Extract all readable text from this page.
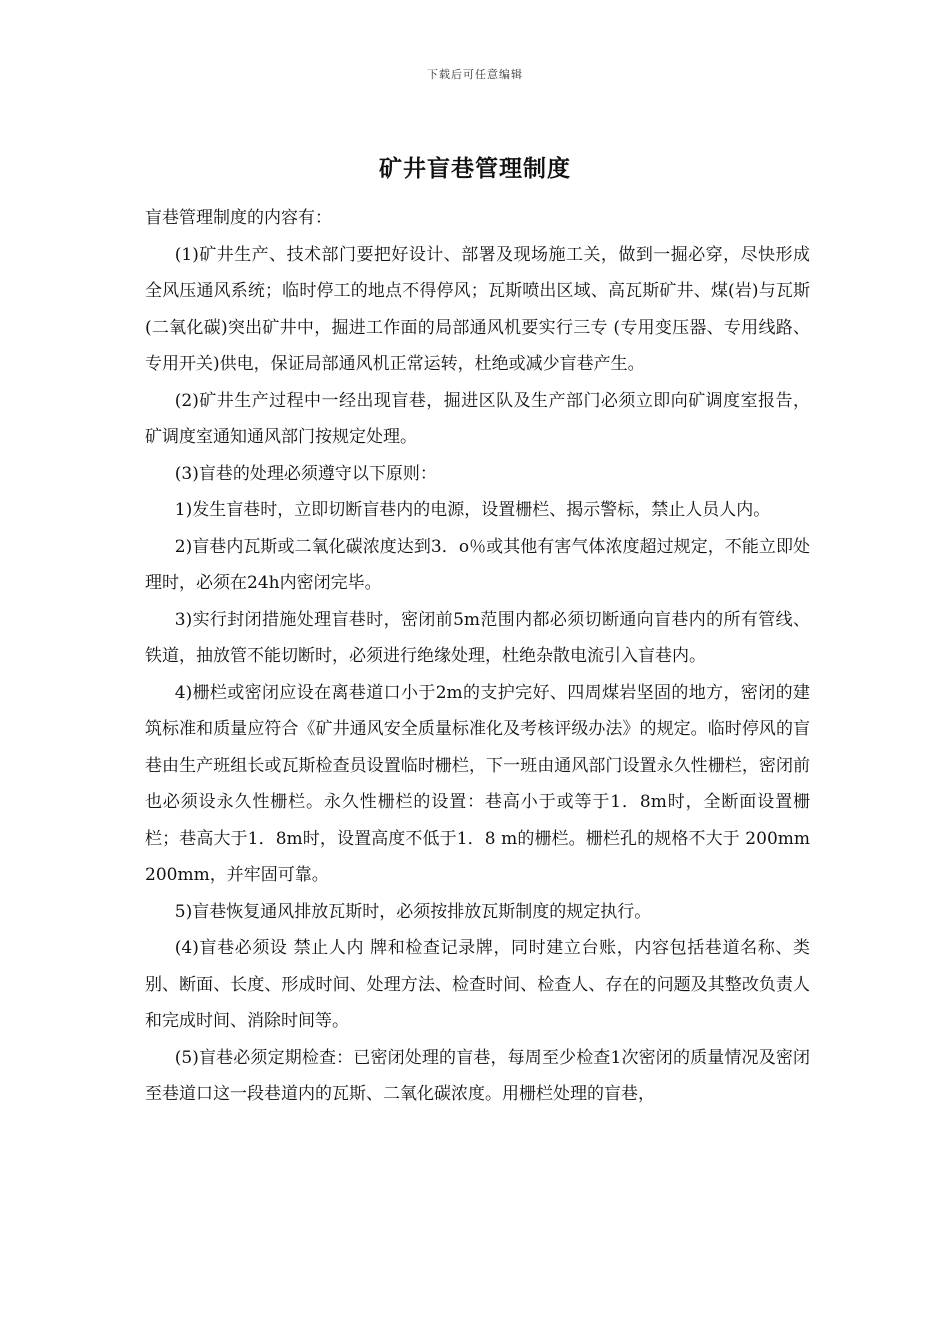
下载后可任意编辑
矿井盲巷管理制度

盲巷管理制度的内容有：

(1)矿井生产、技术部门要把好设计、部署及现场施工关，做到一掘必穿，尽快形成全风压通风系统；临时停工的地点不得停风；瓦斯喷出区域、高瓦斯矿井、煤(岩)与瓦斯(二氧化碳)突出矿井中，掘进工作面的局部通风机要实行三专 (专用变压器、专用线路、专用开关)供电，保证局部通风机正常运转，杜绝或减少盲巷产生。

(2)矿井生产过程中一经出现盲巷，掘进区队及生产部门必须立即向矿调度室报告，矿调度室通知通风部门按规定处理。

(3)盲巷的处理必须遵守以下原则：

1)发生盲巷时，立即切断盲巷内的电源，设置栅栏、揭示警标，禁止人员人内。

2)盲巷内瓦斯或二氧化碳浓度达到3．o％或其他有害气体浓度超过规定，不能立即处理时，必须在24h内密闭完毕。

3)实行封闭措施处理盲巷时，密闭前5m范围内都必须切断通向盲巷内的所有管线、铁道，抽放管不能切断时，必须进行绝缘处理，杜绝杂散电流引入盲巷内。

4)栅栏或密闭应设在离巷道口小于2m的支护完好、四周煤岩坚固的地方，密闭的建筑标准和质量应符合《矿井通风安全质量标准化及考核评级办法》的规定。临时停风的盲巷由生产班组长或瓦斯检查员设置临时栅栏，下一班由通风部门设置永久性栅栏，密闭前也必须设永久性栅栏。永久性栅栏的设置：巷高小于或等于1．8m时，全断面设置栅栏；巷高大于1．8m时，设置高度不低于1．8 m的栅栏。栅栏孔的规格不大于 200mm 200mm，并牢固可靠。

5)盲巷恢复通风排放瓦斯时，必须按排放瓦斯制度的规定执行。

(4)盲巷必须设 禁止人内 牌和检查记录牌，同时建立台账，内容包括巷道名称、类别、断面、长度、形成时间、处理方法、检查时间、检查人、存在的问题及其整改负责人和完成时间、消除时间等。

(5)盲巷必须定期检查：已密闭处理的盲巷，每周至少检查1次密闭的质量情况及密闭至巷道口这一段巷道内的瓦斯、二氧化碳浓度。用栅栏处理的盲巷，
